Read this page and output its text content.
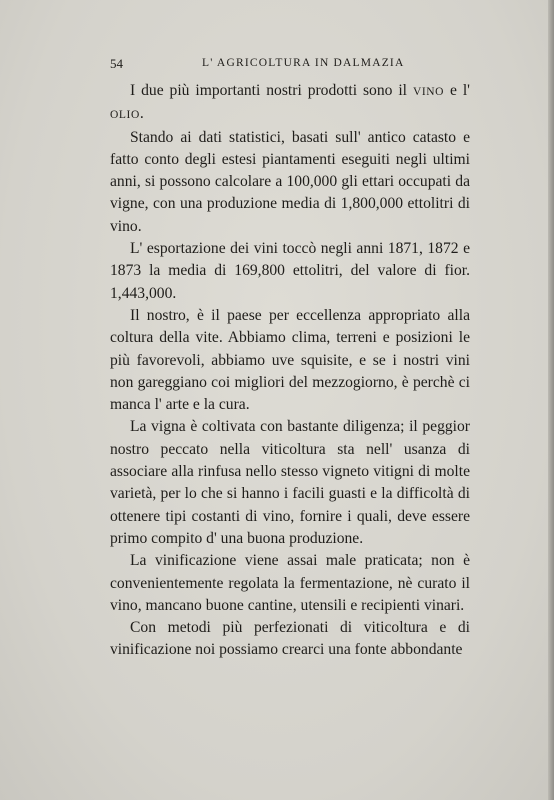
54	L' AGRICOLTURA IN DALMAZIA

I due più importanti nostri prodotti sono il VINO e l' OLIO.

Stando ai dati statistici, basati sull' antico catasto e fatto conto degli estesi piantamenti eseguiti negli ultimi anni, si possono calcolare a 100,000 gli ettari occupati da vigne, con una produzione media di 1,800,000 ettolitri di vino.

L' esportazione dei vini toccò negli anni 1871, 1872 e 1873 la media di 169,800 ettolitri, del valore di fior. 1,443,000.

Il nostro, è il paese per eccellenza appropriato alla coltura della vite. Abbiamo clima, terreni e posizioni le più favorevoli, abbiamo uve squisite, e se i nostri vini non gareggiano coi migliori del mezzogiorno, è perchè ci manca l' arte e la cura.

La vigna è coltivata con bastante diligenza; il peggior nostro peccato nella viticoltura sta nell' usanza di associare alla rinfusa nello stesso vigneto vitigni di molte varietà, per lo che si hanno i facili guasti e la difficoltà di ottenere tipi costanti di vino, fornire i quali, deve essere primo compito d' una buona produzione.

La vinificazione viene assai male praticata; non è convenientemente regolata la fermentazione, nè curato il vino, mancano buone cantine, utensili e recipienti vinari.

Con metodi più perfezionati di viticoltura e di vinificazione noi possiamo crearci una fonte abbondante
